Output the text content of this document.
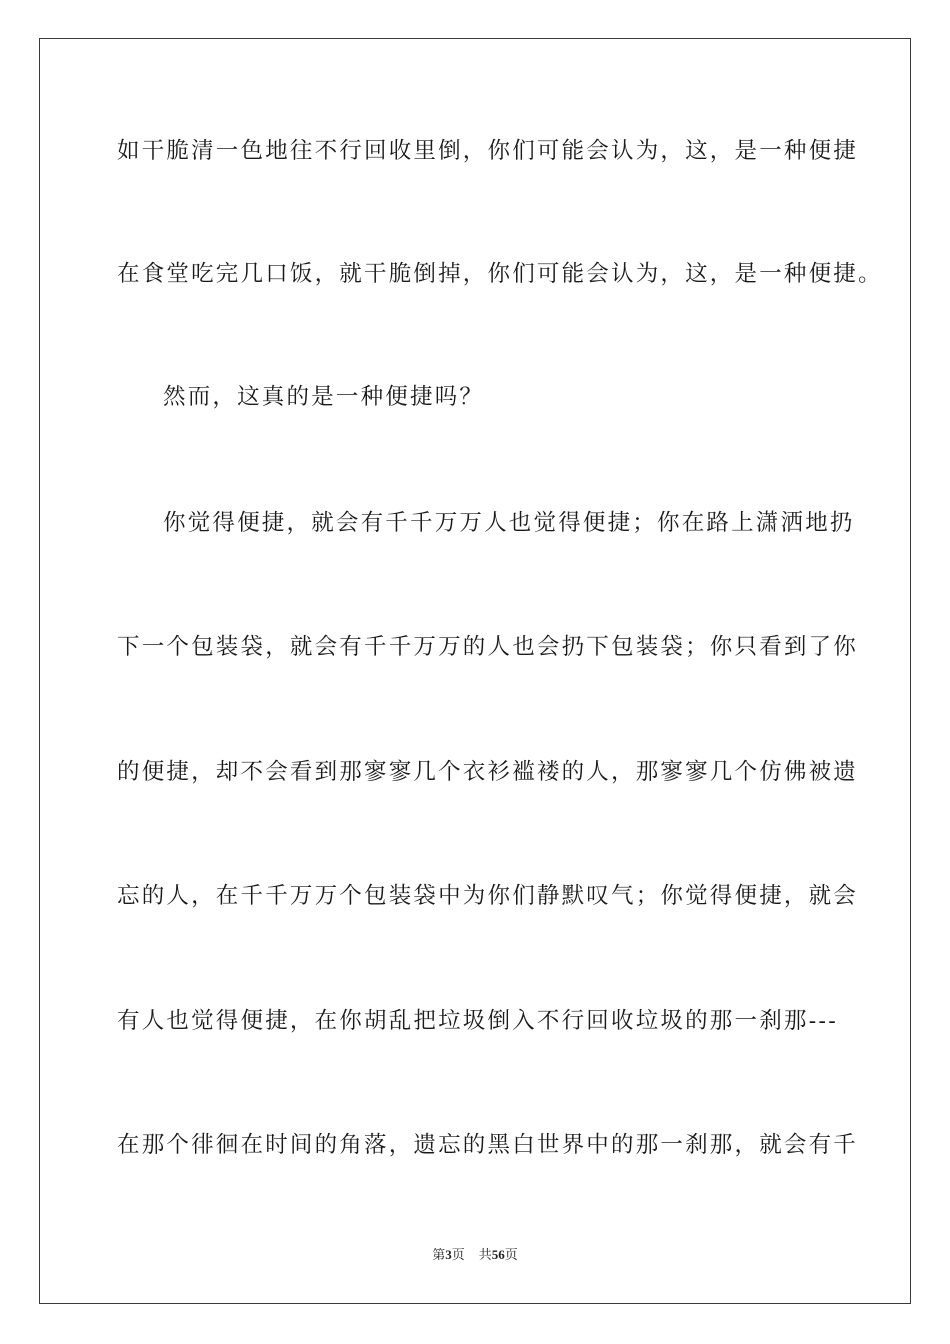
如干脆清一色地往不行回收里倒，你们可能会认为，这，是一种便捷
在食堂吃完几口饭，就干脆倒掉，你们可能会认为，这，是一种便捷。
然而，这真的是一种便捷吗？
你觉得便捷，就会有千千万万人也觉得便捷；你在路上潇洒地扔
下一个包装袋，就会有千千万万的人也会扔下包装袋；你只看到了你
的便捷，却不会看到那寥寥几个衣衫褴褛的人，那寥寥几个仿佛被遗
忘的人，在千千万万个包装袋中为你们静默叹气；你觉得便捷，就会
有人也觉得便捷，在你胡乱把垃圾倒入不行回收垃圾的那一刹那---
在那个徘徊在时间的角落，遗忘的黑白世界中的那一刹那，就会有千
第3页 共56页
